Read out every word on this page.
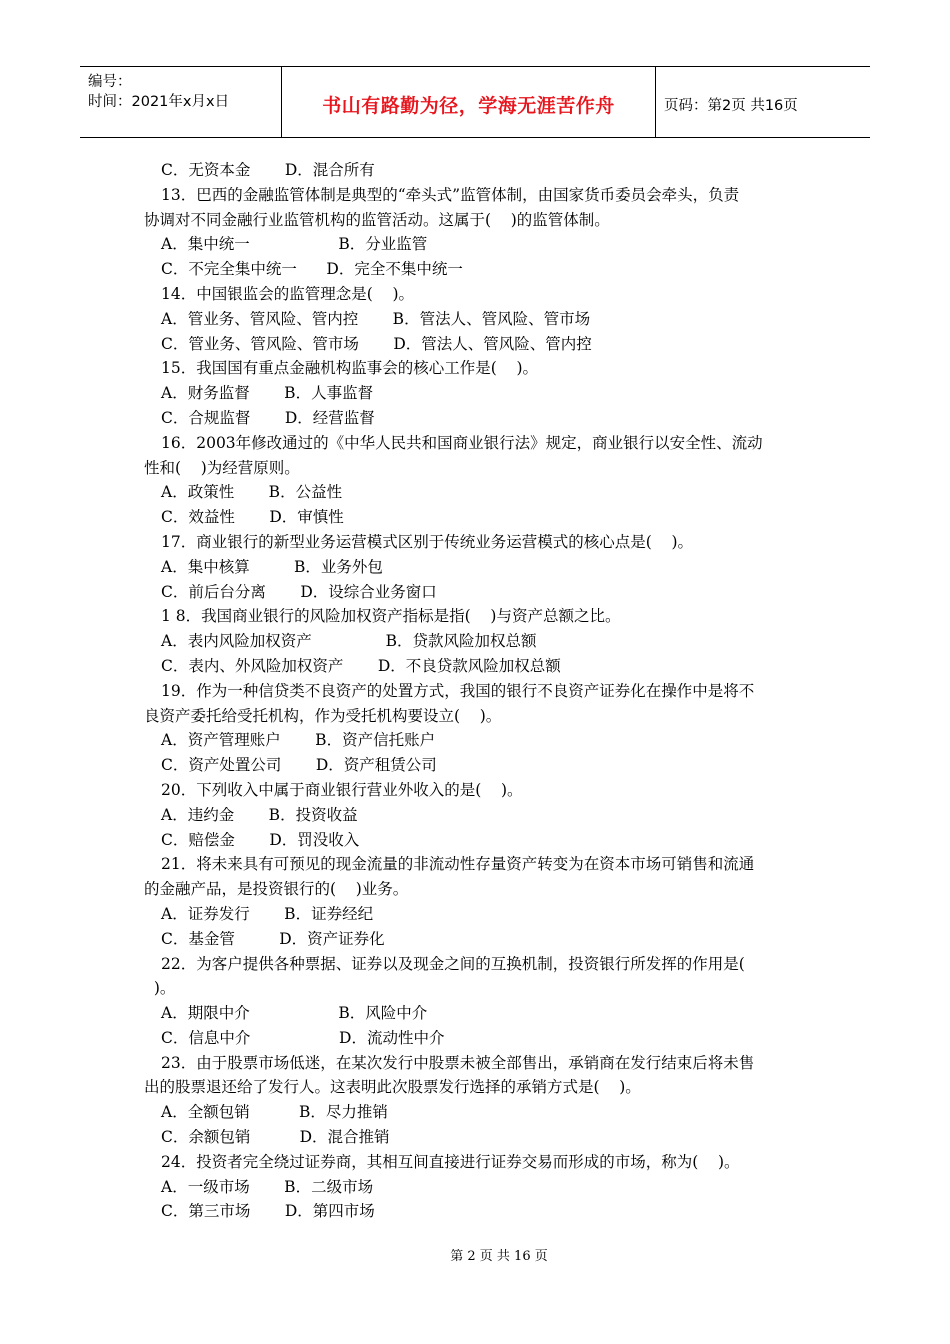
编号：
时间：2021年x月x日	书山有路勤为径，学海无涯苦作舟	页码：第2页 共16页
C．无资本金       D．混合所有
13．巴西的金融监管体制是典型的“牵头式”监管体制，由国家货币委员会牵头，负责
协调对不同金融行业监管机构的监管活动。这属于(    )的监管体制。
A．集中统一                  B．分业监管
C．不完全集中统一      D．完全不集中统一
14．中国银监会的监管理念是(    )。
A．管业务、管风险、管内控       B．管法人、管风险、管市场
C．管业务、管风险、管市场       D．管法人、管风险、管内控
15．我国国有重点金融机构监事会的核心工作是(    )。
A．财务监督       B．人事监督
C．合规监督       D．经营监督
16．2003年修改通过的《中华人民共和国商业银行法》规定，商业银行以安全性、流动
性和(    )为经营原则。
A．政策性       B．公益性
C．效益性       D．审慎性
17．商业银行的新型业务运营模式区别于传统业务运营模式的核心点是(    )。
A．集中核算         B．业务外包
C．前后台分离       D．设综合业务窗口
1 8．我国商业银行的风险加权资产指标是指(    )与资产总额之比。
A．表内风险加权资产               B．贷款风险加权总额
C．表内、外风险加权资产       D．不良贷款风险加权总额
19．作为一种信贷类不良资产的处置方式，我国的银行不良资产证券化在操作中是将不
良资产委托给受托机构，作为受托机构要设立(    )。
A．资产管理账户       B．资产信托账户
C．资产处置公司       D．资产租赁公司
20．下列收入中属于商业银行营业外收入的是(    )。
A．违约金       B．投资收益
C．赔偿金       D．罚没收入
21．将未来具有可预见的现金流量的非流动性存量资产转变为在资本市场可销售和流通
的金融产品，是投资银行的(    )业务。
A．证券发行       B．证券经纪
C．基金管         D．资产证券化
22．为客户提供各种票据、证券以及现金之间的互换机制，投资银行所发挥的作用是(
)。
A．期限中介                  B．风险中介
C．信息中介                  D．流动性中介
23．由于股票市场低迷，在某次发行中股票未被全部售出，承销商在发行结束后将未售
出的股票退还给了发行人。这表明此次股票发行选择的承销方式是(    )。
A．全额包销          B．尽力推销
C．余额包销          D．混合推销
24．投资者完全绕过证券商，其相互间直接进行证券交易而形成的市场，称为(    )。
A．一级市场       B．二级市场
C．第三市场       D．第四市场
第 2 页 共 16 页
